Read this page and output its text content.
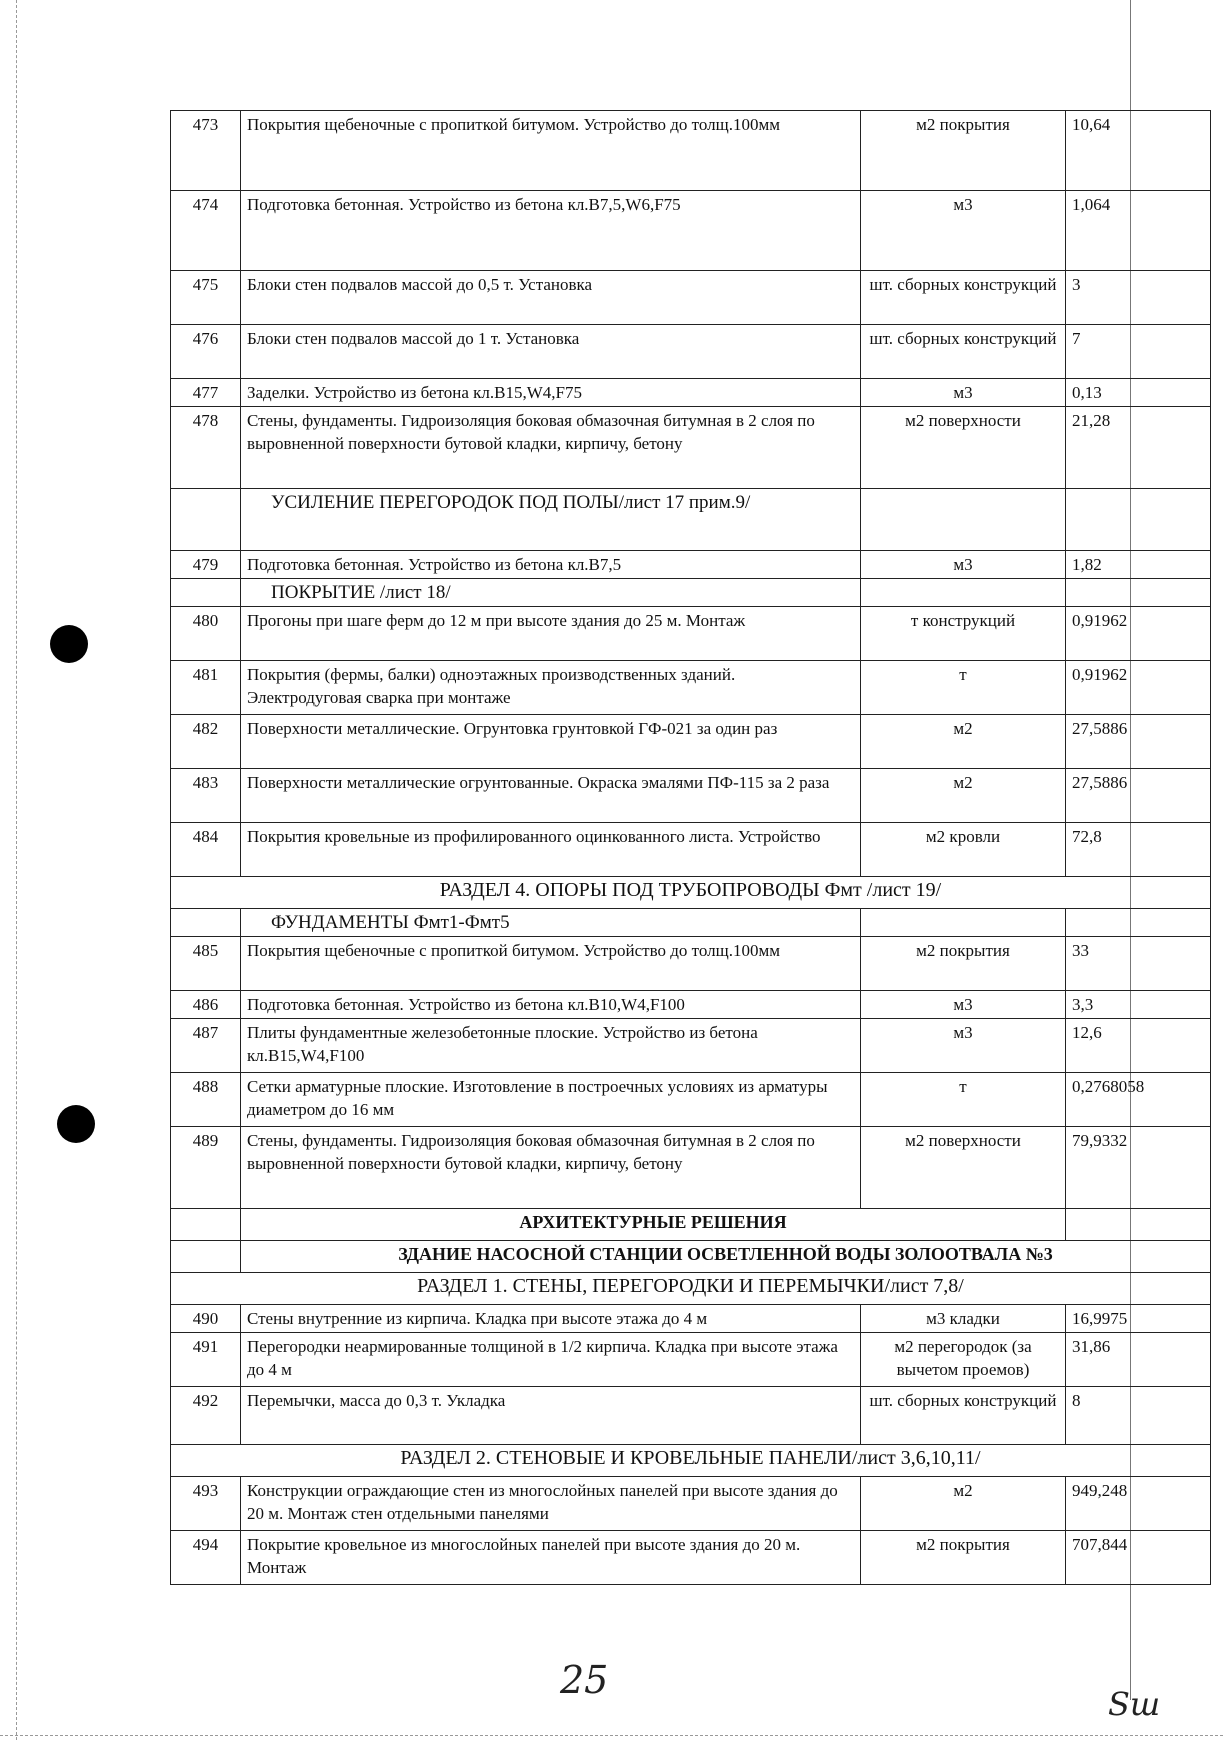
473	Покрытия щебеночные с пропиткой битумом. Устройство до толщ.100мм	м2 покрытия	10,64
474	Подготовка бетонная. Устройство из бетона кл.В7,5,W6,F75	м3	1,064
475	Блоки стен подвалов массой до 0,5 т. Установка	шт. сборных конструкций	3
476	Блоки стен подвалов массой до 1 т. Установка	шт. сборных конструкций	7
477	Заделки. Устройство из бетона кл.В15,W4,F75	м3	0,13
478	Стены, фундаменты. Гидроизоляция боковая обмазочная битумная в 2 слоя по выровненной поверхности бутовой кладки, кирпичу, бетону	м2 поверхности	21,28
	УСИЛЕНИЕ ПЕРЕГОРОДОК ПОД ПОЛЫ/лист 17 прим.9/		
479	Подготовка бетонная. Устройство из бетона кл.В7,5	м3	1,82
	ПОКРЫТИЕ /лист 18/		
480	Прогоны при шаге ферм до 12 м при высоте здания до 25 м. Монтаж	т конструкций	0,91962
481	Покрытия (фермы, балки) одноэтажных производственных зданий. Электродуговая сварка при монтаже	т	0,91962
482	Поверхности металлические. Огрунтовка грунтовкой ГФ-021 за один раз	м2	27,5886
483	Поверхности металлические огрунтованные. Окраска эмалями ПФ-115 за 2 раза	м2	27,5886
484	Покрытия кровельные из профилированного оцинкованного листа. Устройство	м2 кровли	72,8
РАЗДЕЛ 4. ОПОРЫ ПОД ТРУБОПРОВОДЫ Фмт /лист 19/			
	ФУНДАМЕНТЫ Фмт1-Фмт5		
485	Покрытия щебеночные с пропиткой битумом. Устройство до толщ.100мм	м2 покрытия	33
486	Подготовка бетонная. Устройство из бетона кл.В10,W4,F100	м3	3,3
487	Плиты фундаментные железобетонные плоские. Устройство из бетона кл.В15,W4,F100	м3	12,6
488	Сетки арматурные плоские. Изготовление в построечных условиях из арматуры диаметром до 16 мм	т	0,2768058
489	Стены, фундаменты. Гидроизоляция боковая обмазочная битумная в 2 слоя по выровненной поверхности бутовой кладки, кирпичу, бетону	м2 поверхности	79,9332
	АРХИТЕКТУРНЫЕ РЕШЕНИЯ		
	ЗДАНИЕ НАСОСНОЙ СТАНЦИИ ОСВЕТЛЕННОЙ ВОДЫ ЗОЛООТВАЛА №3		
РАЗДЕЛ 1. СТЕНЫ, ПЕРЕГОРОДКИ И ПЕРЕМЫЧКИ/лист 7,8/			
490	Стены внутренние из кирпича. Кладка при высоте этажа до 4 м	м3 кладки	16,9975
491	Перегородки неармированные толщиной в 1/2 кирпича. Кладка при высоте этажа до 4 м	м2 перегородок (за вычетом проемов)	31,86
492	Перемычки, масса до 0,3 т. Укладка	шт. сборных конструкций	8
РАЗДЕЛ 2. СТЕНОВЫЕ И КРОВЕЛЬНЫЕ ПАНЕЛИ/лист 3,6,10,11/			
493	Конструкции ограждающие стен из многослойных панелей при высоте здания до 20 м. Монтаж стен отдельными панелями	м2	949,248
494	Покрытие кровельное из многослойных панелей при высоте здания до 20 м. Монтаж	м2 покрытия	707,844
25
Ѕш
